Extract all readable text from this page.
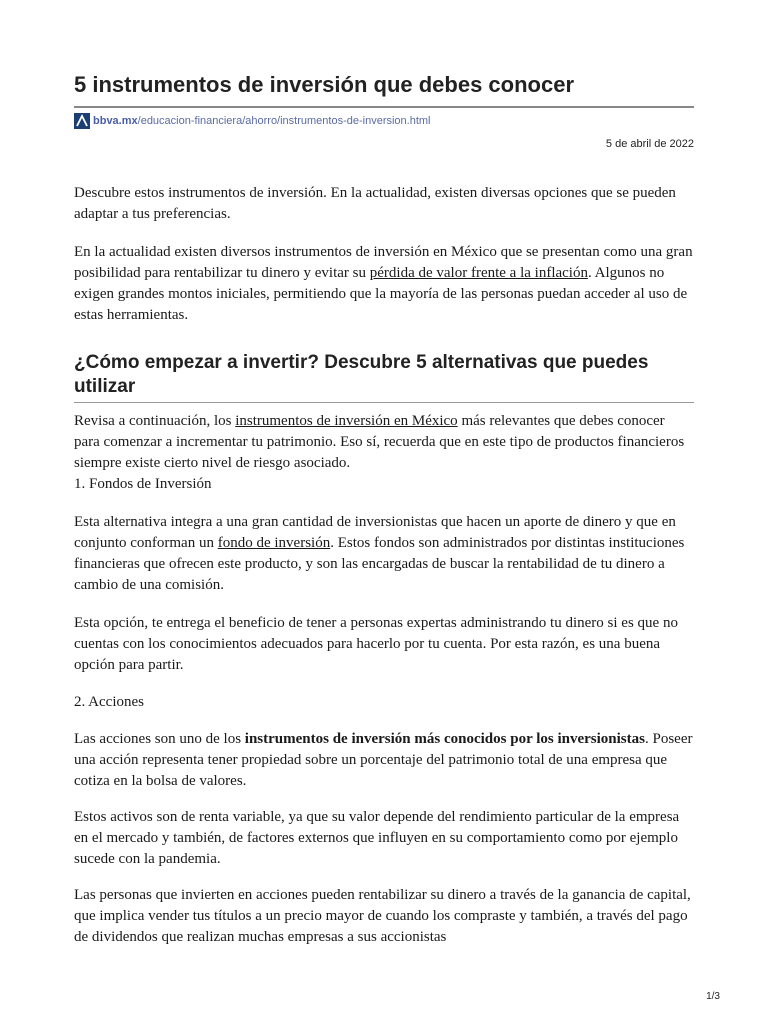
5 instrumentos de inversión que debes conocer
bbva.mx /educacion-financiera/ahorro/instrumentos-de-inversion.html
5 de abril de 2022

Descubre estos instrumentos de inversión. En la actualidad, existen diversas opciones que se pueden adaptar a tus preferencias.

En la actualidad existen diversos instrumentos de inversión en México que se presentan como una gran posibilidad para rentabilizar tu dinero y evitar su pérdida de valor frente a la inflación. Algunos no exigen grandes montos iniciales, permitiendo que la mayoría de las personas puedan acceder al uso de estas herramientas.

¿Cómo empezar a invertir? Descubre 5 alternativas que puedes utilizar

Revisa a continuación, los instrumentos de inversión en México más relevantes que debes conocer para comenzar a incrementar tu patrimonio. Eso sí, recuerda que en este tipo de productos financieros siempre existe cierto nivel de riesgo asociado.

1. Fondos de Inversión

Esta alternativa integra a una gran cantidad de inversionistas que hacen un aporte de dinero y que en conjunto conforman un fondo de inversión. Estos fondos son administrados por distintas instituciones financieras que ofrecen este producto, y son las encargadas de buscar la rentabilidad de tu dinero a cambio de una comisión.

Esta opción, te entrega el beneficio de tener a personas expertas administrando tu dinero si es que no cuentas con los conocimientos adecuados para hacerlo por tu cuenta. Por esta razón, es una buena opción para partir.

2. Acciones

Las acciones son uno de los instrumentos de inversión más conocidos por los inversionistas. Poseer una acción representa tener propiedad sobre un porcentaje del patrimonio total de una empresa que cotiza en la bolsa de valores.

Estos activos son de renta variable, ya que su valor depende del rendimiento particular de la empresa en el mercado y también, de factores externos que influyen en su comportamiento como por ejemplo sucede con la pandemia.

Las personas que invierten en acciones pueden rentabilizar su dinero a través de la ganancia de capital, que implica vender tus títulos a un precio mayor de cuando los compraste y también, a través del pago de dividendos que realizan muchas empresas a sus accionistas

1/3
